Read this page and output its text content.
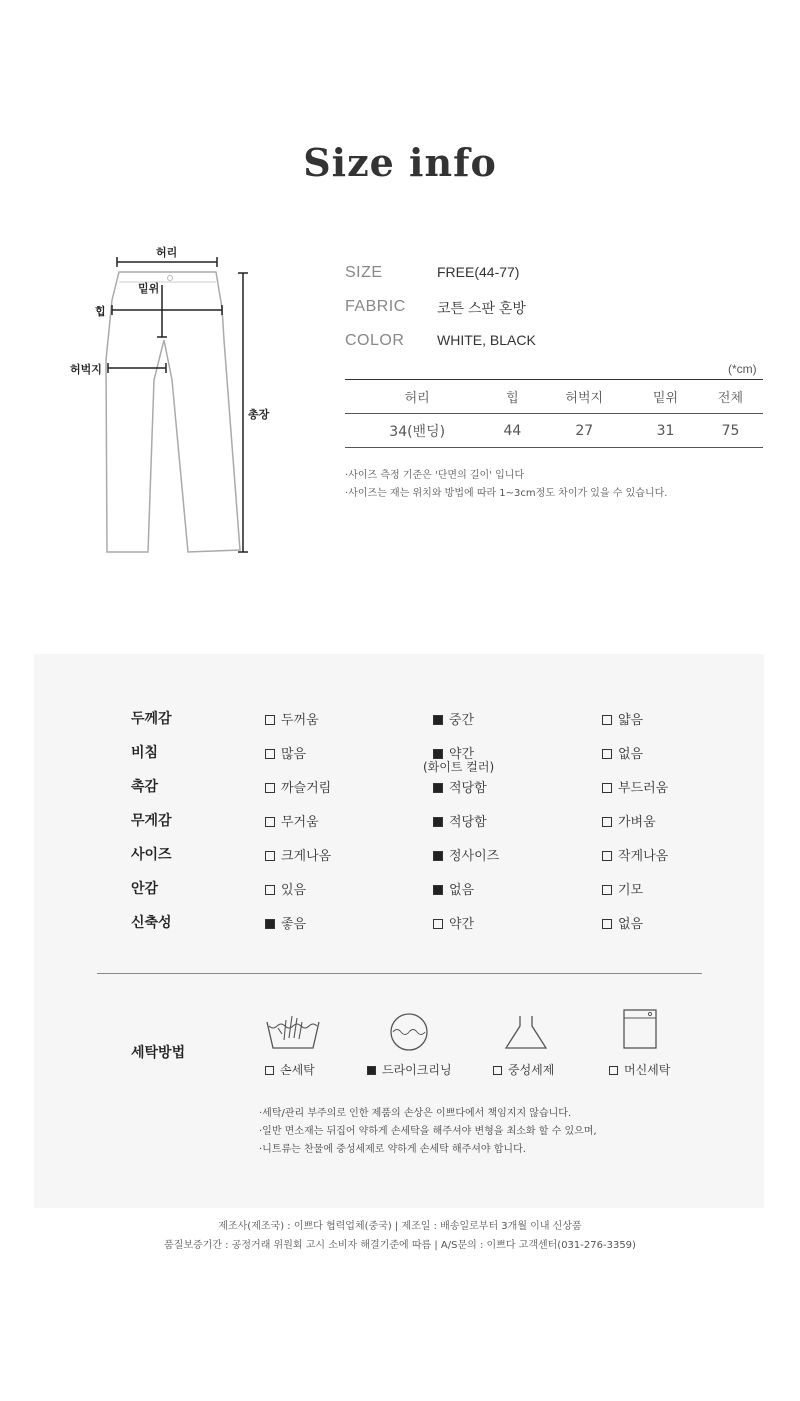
Size info
허리
밑위
힙
허벅지
총장
SIZE	FREE(44-77)
FABRIC 코튼 스판 혼방
COLOR WHITE, BLACK
(*cm)
허리	힙	허벅지	밑위	전체
34(밴딩)	44	27	31	75
·사이즈 측정 기준은 '단면의 길이' 입니다
·사이즈는 재는 위치와 방법에 따라 1~3cm정도 차이가 있을 수 있습니다.
두께감	두꺼움	중간	얇음
비침	많음	약간	없음
(화이트 컬러)
촉감	까슬거림	적당함	부드러움
무게감	무거움	적당함	가벼움
사이즈	크게나옴	정사이즈	작게나옴
안감	있음	없음	기모
신축성	좋음	약간	없음
세탁방법
손세탁	드라이크리닝	중성세제	머신세탁
·세탁/관리 부주의로 인한 제품의 손상은 이쁘다에서 책임지지 않습니다.
·일반 면소재는 뒤집어 약하게 손세탁을 해주셔야 변형을 최소화 할 수 있으며,
·니트류는 찬물에 중성세제로 약하게 손세탁 해주셔야 합니다.
제조사(제조국) : 이쁘다 협력업체(중국) | 제조일 : 배송일로부터 3개월 이내 신상품
품질보증기간 : 공정거래 위원회 고시 소비자 해결기준에 따름 | A/S문의 : 이쁘다 고객센터(031-276-3359)
